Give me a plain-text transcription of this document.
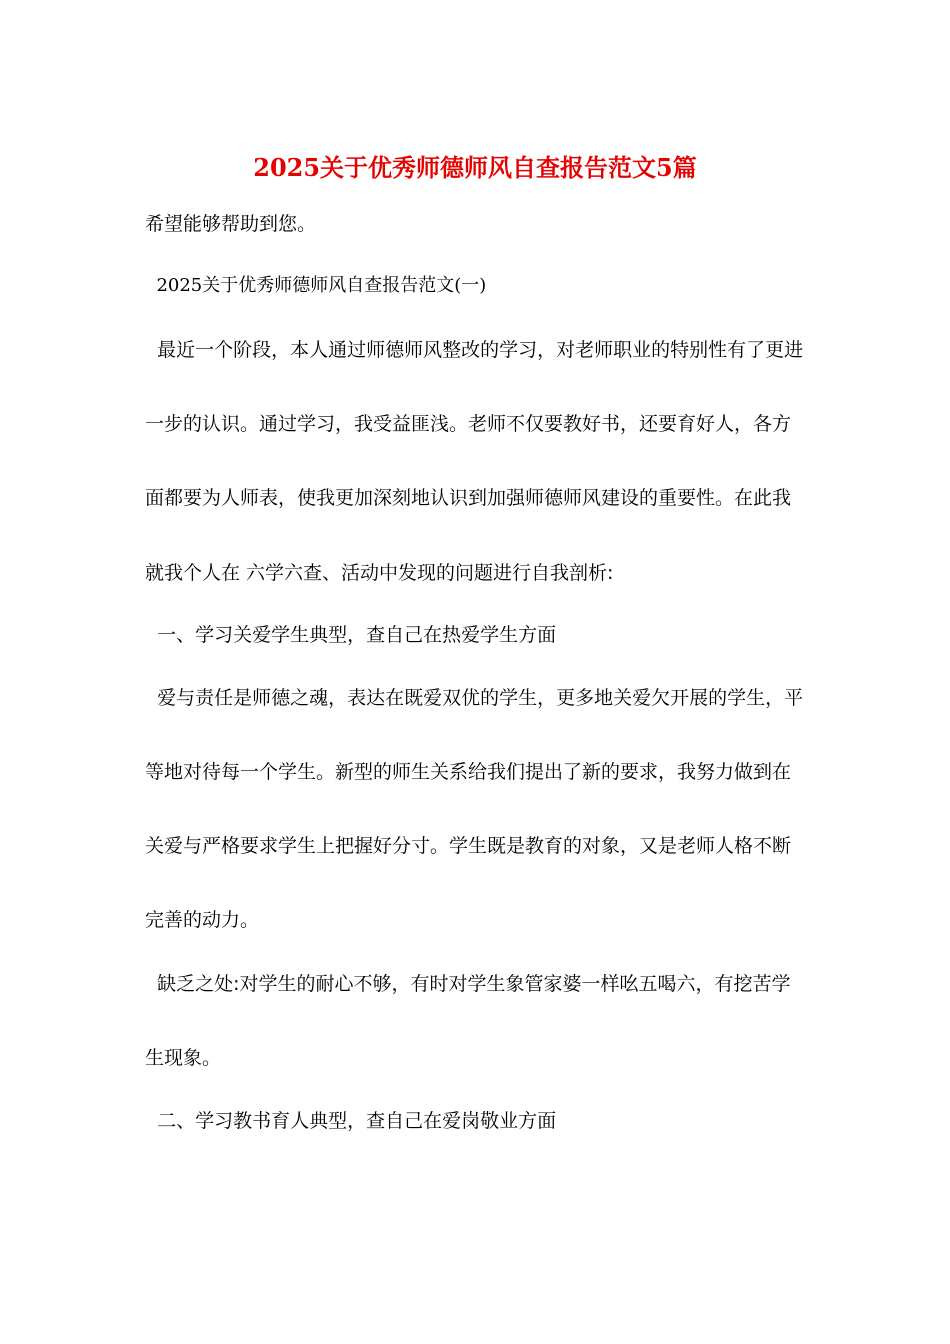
2025关于优秀师德师风自查报告范文5篇
希望能够帮助到您。
2025关于优秀师德师风自查报告范文(一)
最近一个阶段，本人通过师德师风整改的学习，对老师职业的特别性有了更进
一步的认识。通过学习，我受益匪浅。老师不仅要教好书，还要育好人，各方
面都要为人师表，使我更加深刻地认识到加强师德师风建设的重要性。在此我
就我个人在 六学六查、活动中发现的问题进行自我剖析:
一、学习关爱学生典型，查自己在热爱学生方面
爱与责任是师德之魂，表达在既爱双优的学生，更多地关爱欠开展的学生，平
等地对待每一个学生。新型的师生关系给我们提出了新的要求，我努力做到在
关爱与严格要求学生上把握好分寸。学生既是教育的对象，又是老师人格不断
完善的动力。
缺乏之处:对学生的耐心不够，有时对学生象管家婆一样吆五喝六，有挖苦学
生现象。
二、学习教书育人典型，查自己在爱岗敬业方面
